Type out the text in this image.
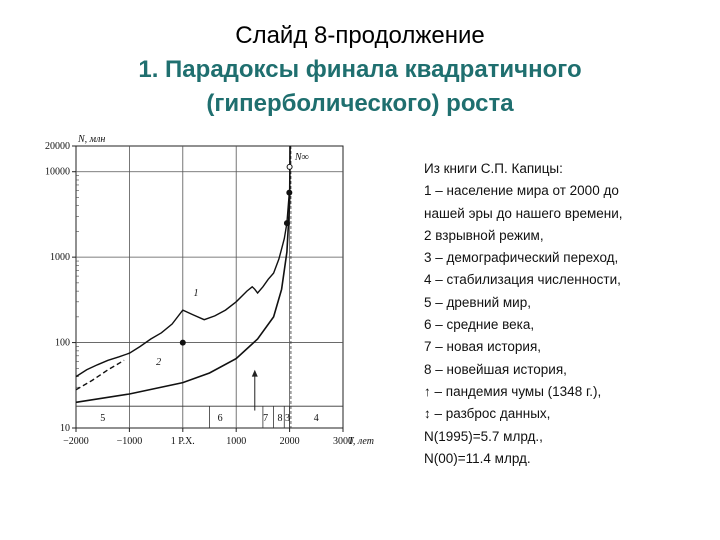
Слайд 8-продолжение
1. Парадоксы финала квадратичного
(гиперболического) роста
−2000	−1000	1 Р.Х.	1000	2000	3000
10
100
1000
10000
20000
N, млн
T, лет
N∞
5	6	7 8 3 4
1
2
Из книги С.П. Капицы:
1 – население мира от 2000 до
нашей эры до нашего времени,
2 взрывной режим,
3 – демографический переход,
4 – стабилизация численности,
5 – древний мир,
6 – средние века,
7 – новая история,
8 – новейшая история,
↑ – пандемия чумы (1348 г.),
↕ – разброс данных,
N(1995)=5.7 млрд.,
N(00)=11.4 млрд.
